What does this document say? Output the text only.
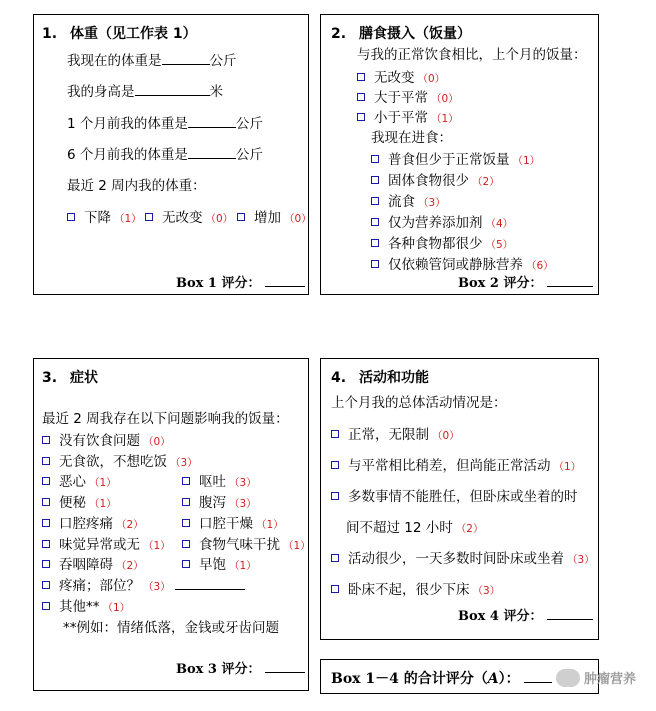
1. 体重（见工作表 1）
我现在的体重是	公斤
我的身高是	米
1 个月前我的体重是	公斤
6 个月前我的体重是	公斤
最近 2 周内我的体重：
下降 （1）	无改变 （0）	增加 （0）
Box 1 评分：
2. 膳食摄入（饭量）
与我的正常饮食相比，上个月的饭量：
无改变 （0）
大于平常 （0）
小于平常 （1）
我现在进食：
普食但少于正常饭量 （1）
固体食物很少 （2）
流食 （3）
仅为营养添加剂 （4）
各种食物都很少 （5）
仅依赖管饲或静脉营养 （6）
Box 2 评分：
3. 症状
最近 2 周我存在以下问题影响我的饭量：
没有饮食问题 （0）
无食欲，不想吃饭 （3）
恶心 （1）	呕吐 （3）
便秘 （1）	腹泻 （3）
口腔疼痛 （2）	口腔干燥 （1）
味觉异常或无 （1）	食物气味干扰 （1）
吞咽障碍 （2）	早饱 （1）
疼痛；部位？ （3）
其他** （1）
**例如：情绪低落，金钱或牙齿问题
Box 3 评分：
4. 活动和功能
上个月我的总体活动情况是：
正常，无限制 （0）
与平常相比稍差，但尚能正常活动 （1）
多数事情不能胜任，但卧床或坐着的时
间不超过 12 小时 （2）
活动很少，一天多数时间卧床或坐着 （3）
卧床不起，很少下床 （3）
Box 4 评分：
Box 1－4 的合计评分（A）：	肿瘤营养
